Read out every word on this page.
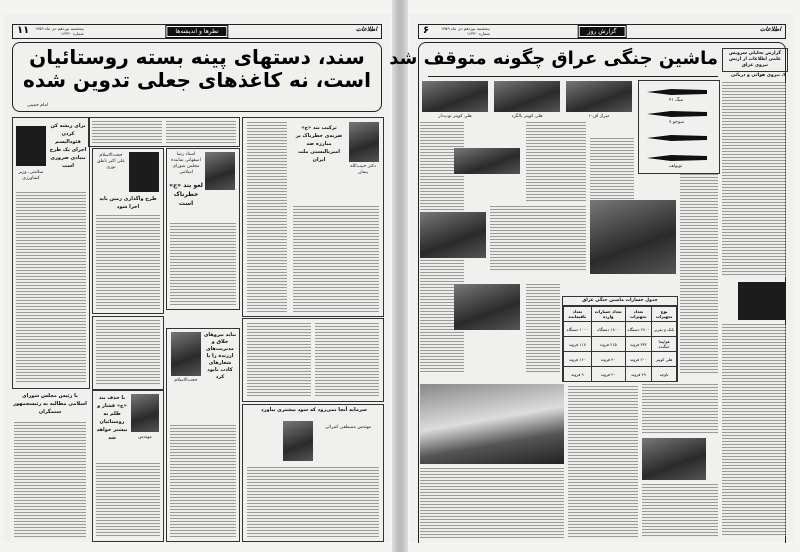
۱۱ پنجشنبه نوزدهم دی ماه ۱۳۵۹
شماره ۱۶۳۳۰	نظرها و اندیشه‌ها	اطلاعات
سند، دستهای پینه بسته روستائیان
است، نه کاغذهای جعلی تدوین شده
امام خمینی
ترکیب بند «ج» ضربه‌ی خطرناک بر مبارزه ضد امپریالیستی ملت ایران
دکتر حبیب‌الله پیمان
سرمایه آنجا نمی‌رود که سود بیشتری بیاورد
مهندس مصطفی کتیرائی
استاد رضا اصفهانی نماینده مجلس شورای اسلامی
لغو بند «ج» خطرناک است
حجت‌الاسلام علی اکبر ناطق نوری
طرح واگذاری زمین باید اجرا شود
نباید نیروهای خلاق و مدیریت‌های ارزنده را با شعارهای کاذب نابود کرد
حجت‌الاسلام
با حذف بند «ج» فشار و ظلم به روستائیان بیشتر خواهد شد	مهندس
برای ریشه کن کردن فئودالیسم اجرای یک طرح بنیادی ضروری است
سلامتی، وزیر کشاورزی
با رئیس مجلس شورای اسلامی مطالبه به رئیسجمهور ستمگران
۶	پنجشنبه نوزدهم دی ماه ۱۳۵۹
شماره ۱۶۳۳۰	گزارش روز	اطلاعات
ماشین جنگی عراق چگونه متوقف شد	گزارش تحلیلی سرویس علمی اطلاعات از ارتش نیروی عراق
۲. نیروی هوائی و دریائی
میگ ۲۱
سوخو ۷
توپولف
هلی کوپتر توپ‌دار	هلی کوپتر بالگرد	میراژ اف-۱
جدول خسارات ماشین جنگی عراق
نوع تجهیزات	تعداد تجهیزات	تعداد خسارات وارده	تعداد باقیمانده
تانک و نفربر	۲۸۰۰ دستگاه	۱۸۰۰ دستگاه	۱۰۰۰ دستگاه
هواپیما جنگنده	۳۳۲ فروند	۲۱۵ فروند	۱۱۷ فروند
هلی کوپتر	۲۰۰ فروند	۴۰ فروند	۱۶۰ فروند
ناوچه	۲۹ فروند	۲۰ فروند	۹ فروند
